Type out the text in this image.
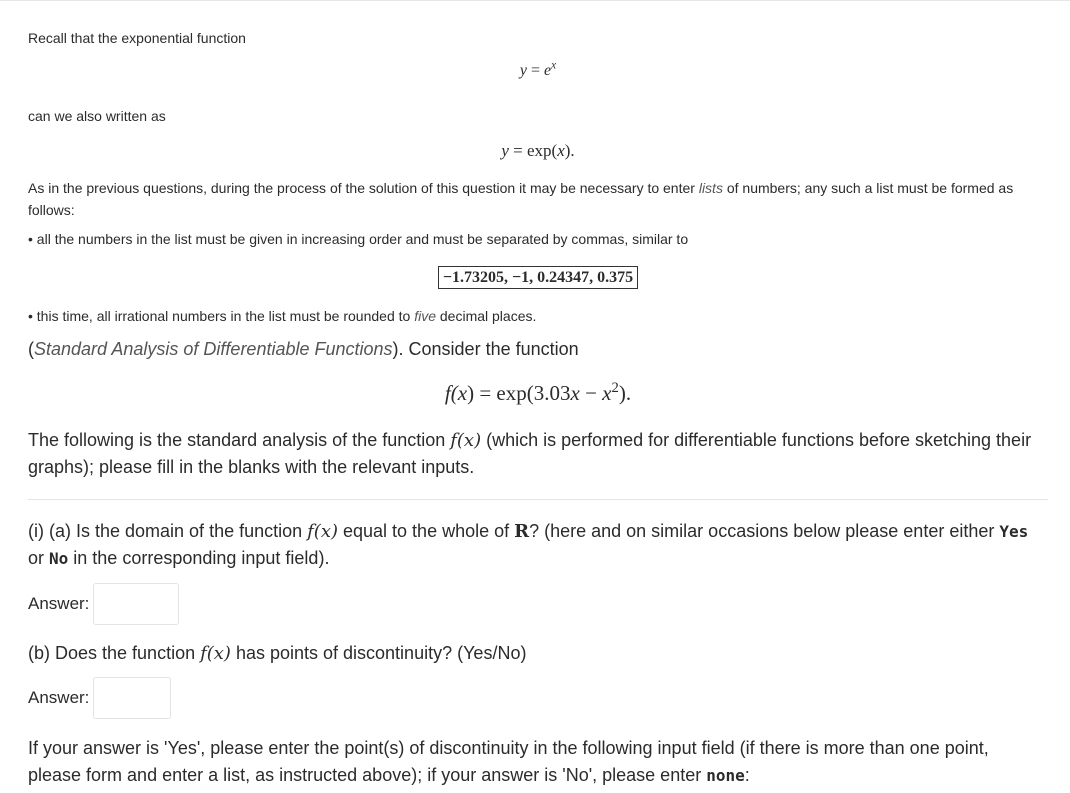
Recall that the exponential function

$y = e^x$

can we also written as

y = exp(x).

As in the previous questions, during the process of the solution of this question it may be necessary to enter lists of numbers; any such a list must be formed as follows:

• all the numbers in the list must be given in increasing order and must be separated by commas, similar to

−1.73205, −1, 0.24347, 0.375

• this time, all irrational numbers in the list must be rounded to five decimal places.

(Standard Analysis of Differentiable Functions). Consider the function

$f(x) = \exp(3.03x - x^2)$.

The following is the standard analysis of the function f(x) (which is performed for differentiable functions before sketching their graphs); please fill in the blanks with the relevant inputs.

(i) (a) Is the domain of the function f(x) equal to the whole of R? (here and on similar occasions below please enter either Yes or No in the corresponding input field).

Answer:

(b) Does the function f(x) has points of discontinuity? (Yes/No)

Answer:

If your answer is 'Yes', please enter the point(s) of discontinuity in the following input field (if there is more than one point, please form and enter a list, as instructed above); if your answer is 'No', please enter none:
